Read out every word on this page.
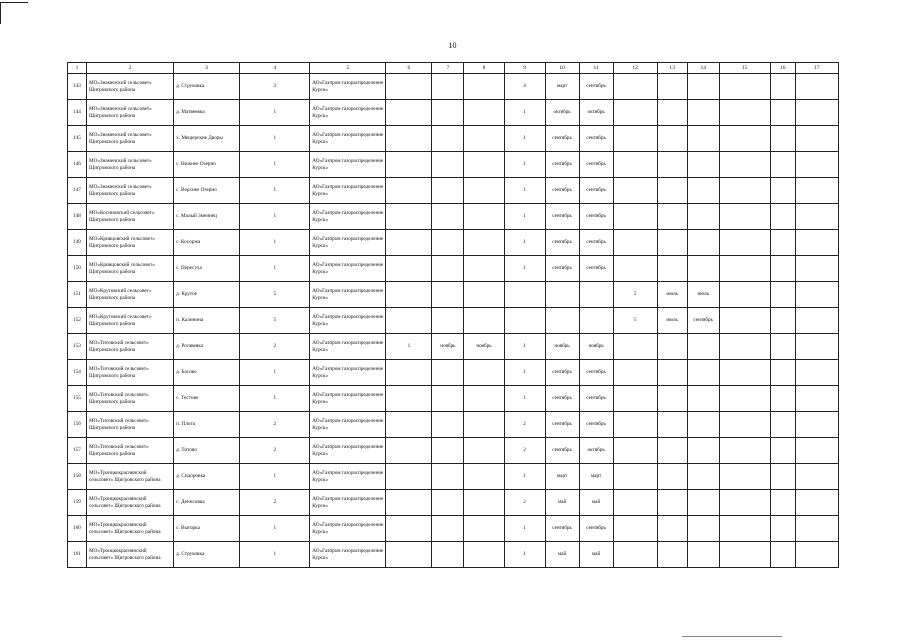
10
1	2	3	4	5	6	7	8	9	10	11	12	13	14	15	16	17
143	МО«Знаменский сельсовет» Щигровского района	д. Струковка	3	АО«Газпром газораспределение Курск»				4	март	сентябрь						
144	МО«Знаменский сельсовет» Щигровского района	д. Матвеевка	1	АО«Газпром газораспределение Курск»				1	октябрь	октябрь						
145	МО«Знаменский сельсовет» Щигровского района	х. Мещерские Дворы	1	АО«Газпром газораспределение Курск»				1	сентябрь	сентябрь						
146	МО«Знаменский сельсовет» Щигровского района	с. Нижнее Озерно	1	АО«Газпром газораспределение Курск»				1	сентябрь	сентябрь						
147	МО«Знаменский сельсовет» Щигровского района	с. Верхнее Озерно	1	АО«Газпром газораспределение Курск»				1	сентябрь	сентябрь						
148	МО«Косиновский сельсовет» Щигровского района	с. Малый Змеинец	1	АО«Газпром газораспределение Курск»				1	сентябрь	сентябрь						
149	МО«Кривцовский сельсовет» Щигровского района	с. Косоржа	1	АО«Газпром газораспределение Курск»				1	сентябрь	сентябрь						
150	МО«Кривцовский сельсовет» Щигровского района	с. Пересуха	1	АО«Газпром газораспределение Курск»				1	сентябрь	сентябрь						
151	МО«Крутовский сельсовет» Щигровского района	д. Крутое	5	АО«Газпром газораспределение Курск»							5	июль	июль			
152	МО«Крутовский сельсовет» Щигровского района	п. Калинина	5	АО«Газпром газораспределение Курск»							5	июль	сентябрь			
153	МО«Титовский сельсовет» Щигровского района	д. Рогавевка	2	АО«Газпром газораспределение Курск»	1	ноябрь	ноябрь	1	ноябрь	ноябрь						
154	МО«Титовский сельсовет» Щигровского района	д. Басово	1	АО«Газпром газораспределение Курск»				1	сентябрь	сентябрь						
155	МО«Титовский сельсовет» Щигровского района	с. Тестово	1	АО«Газпром газораспределение Курск»				1	сентябрь	сентябрь						
156	МО«Титовский сельсовет» Щигровского района	п. Плота	2	АО«Газпром газораспределение Курск»				2	сентябрь	сентябрь						
157	МО«Титовский сельсовет» Щигровского района	д. Титово	2	АО«Газпром газораспределение Курск»				2	сентябрь	октябрь						
158	МО«Троицкокраснянский сельсовет» Щигровского района	д. Сидоровка	1	АО«Газпром газораспределение Курск»				1	март	март						
159	МО«Троицкокраснянский сельсовет» Щигровского района	с. Денисовка	2	АО«Газпром газораспределение Курск»				2	май	май						
160	МО«Троицкокраснянский сельсовет» Щигровского района	с. Выгорка	1	АО«Газпром газораспределение Курск»				1	сентябрь	сентябрь						
161	МО«Троицкокраснянский сельсовет» Щигровского района	д. Струковка	1	АО«Газпром газораспределение Курск»				1	май	май						
